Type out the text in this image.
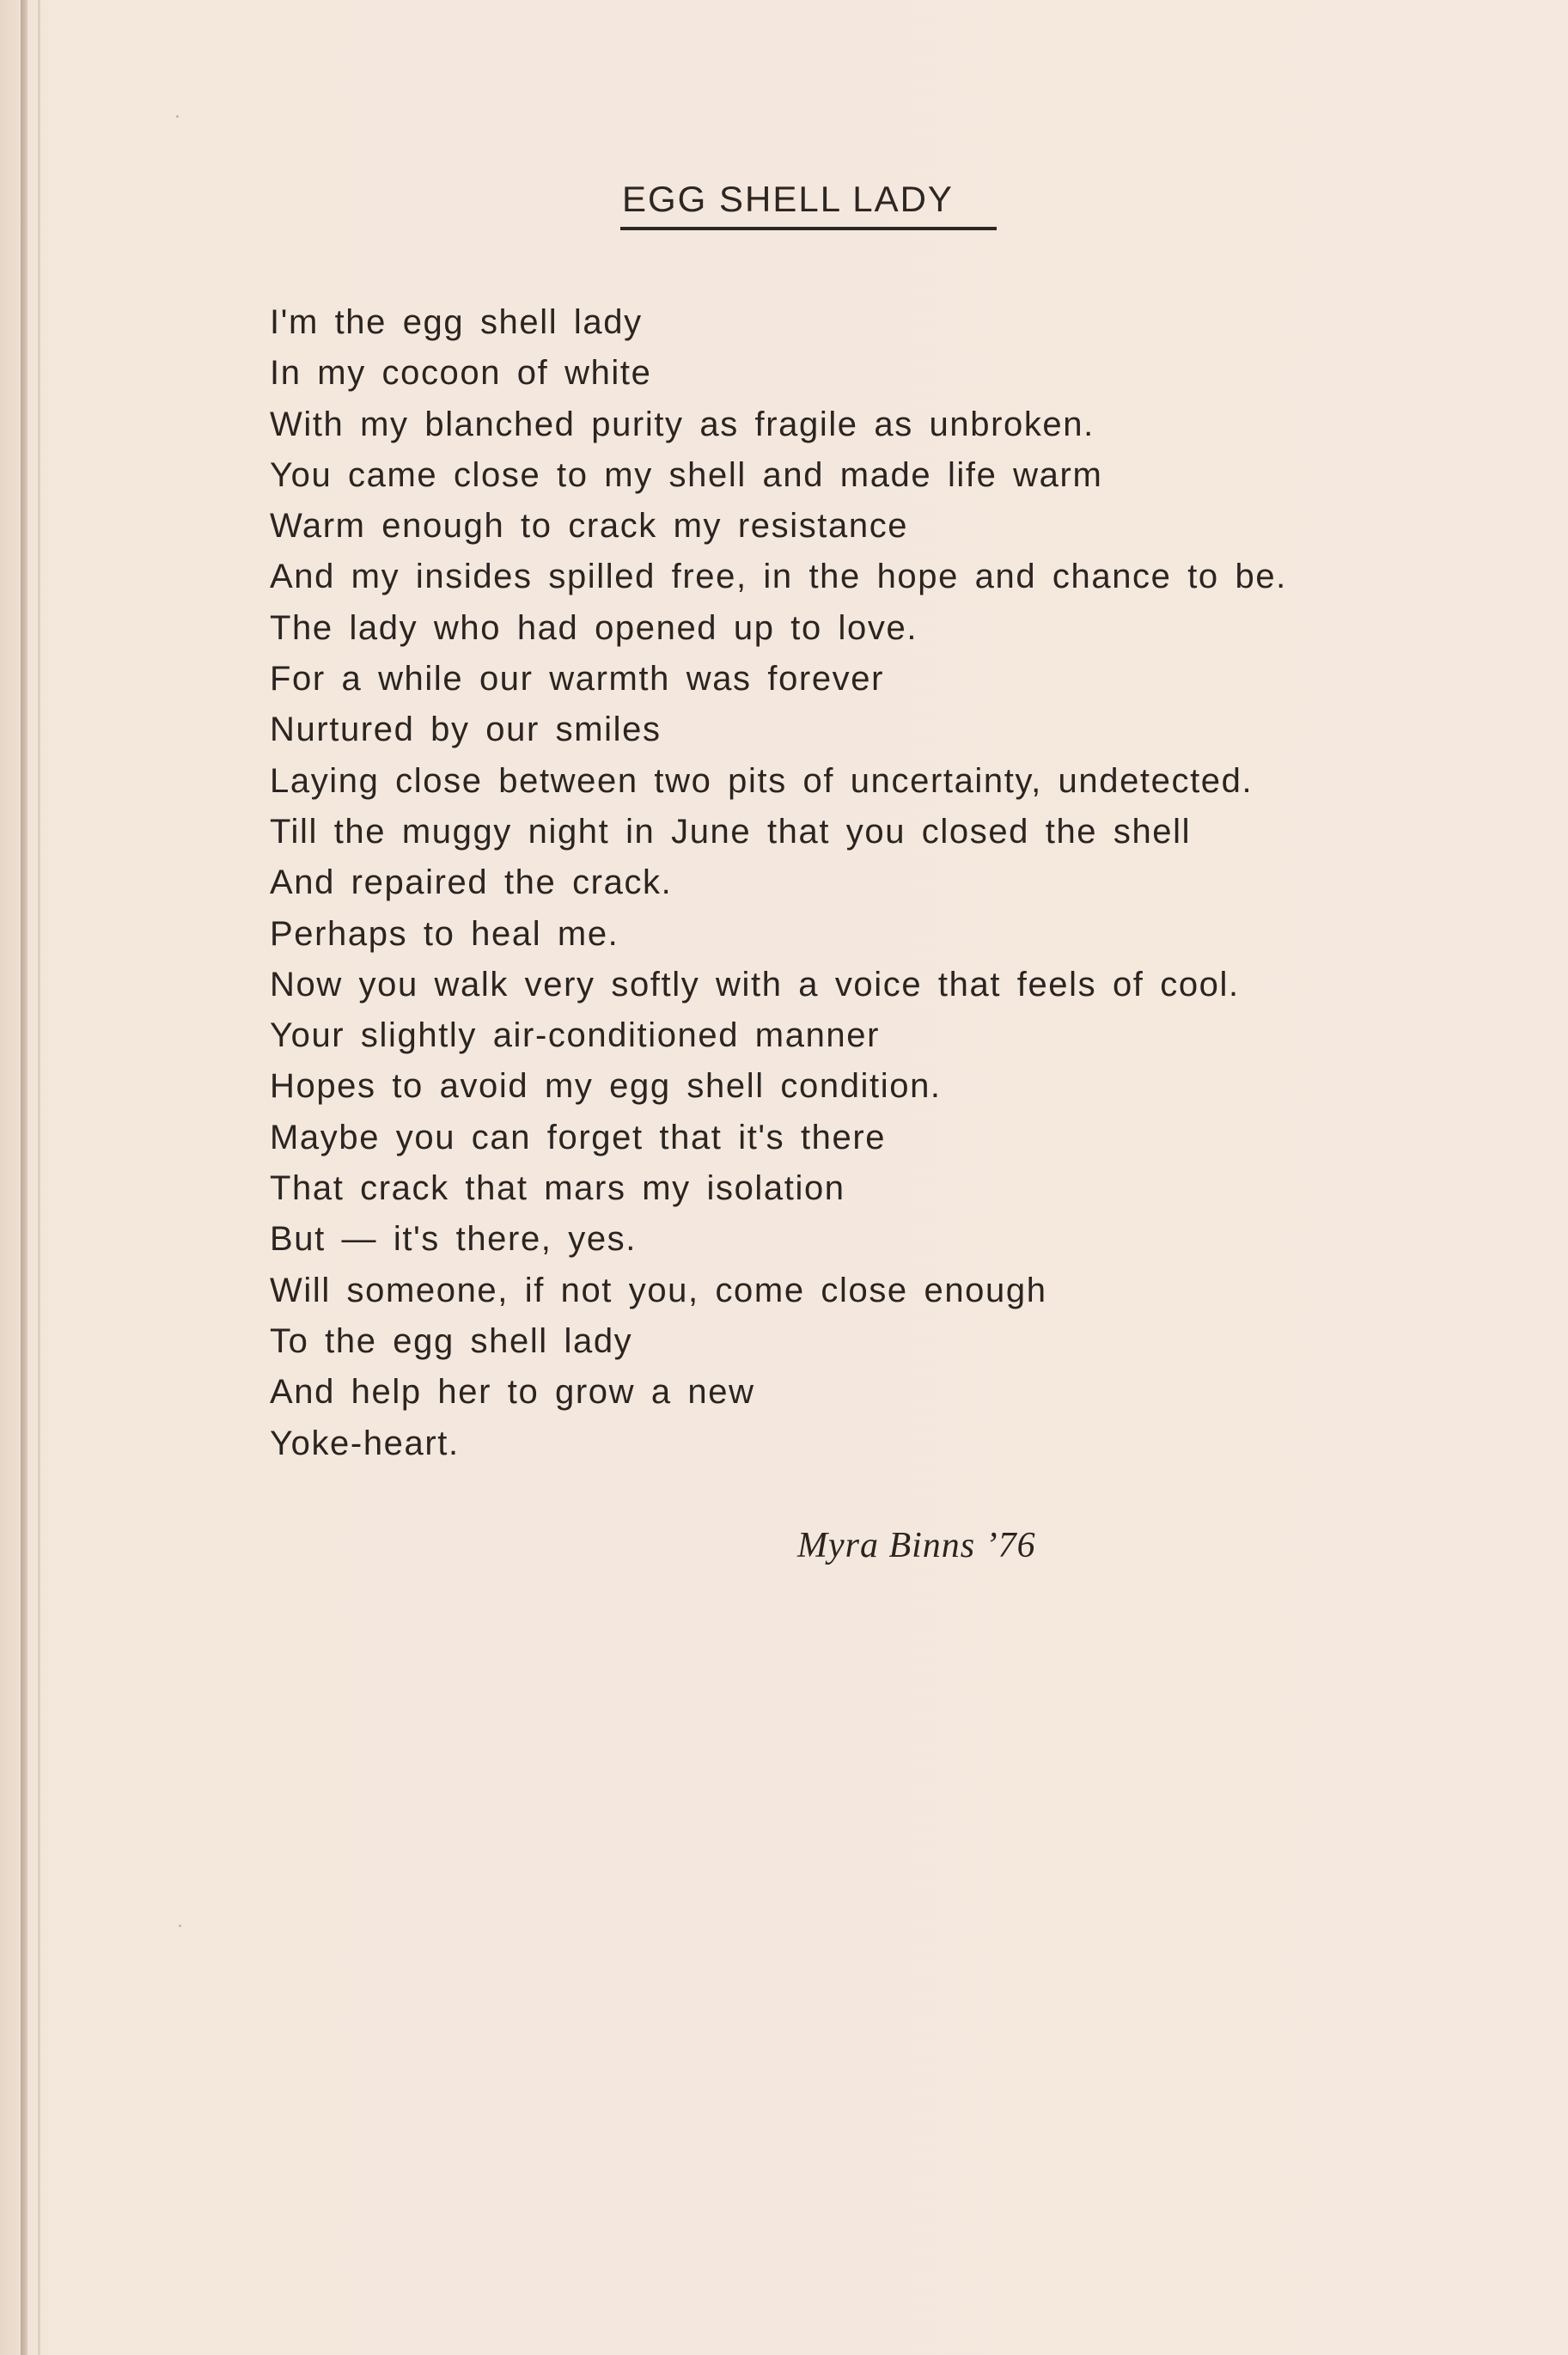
EGG SHELL LADY
I'm the egg shell lady
In my cocoon of white
With my blanched purity as fragile as unbroken.
You came close to my shell and made life warm
Warm enough to crack my resistance
And my insides spilled free, in the hope and chance to be.
The lady who had opened up to love.
For a while our warmth was forever
Nurtured by our smiles
Laying close between two pits of uncertainty, undetected.
Till the muggy night in June that you closed the shell
And repaired the crack.
Perhaps to heal me.
Now you walk very softly with a voice that feels of cool.
Your slightly air-conditioned manner
Hopes to avoid my egg shell condition.
Maybe you can forget that it's there
That crack that mars my isolation
But — it's there, yes.
Will someone, if not you, come close enough
To the egg shell lady
And help her to grow a new
Yoke-heart.
Myra Binns ’76
